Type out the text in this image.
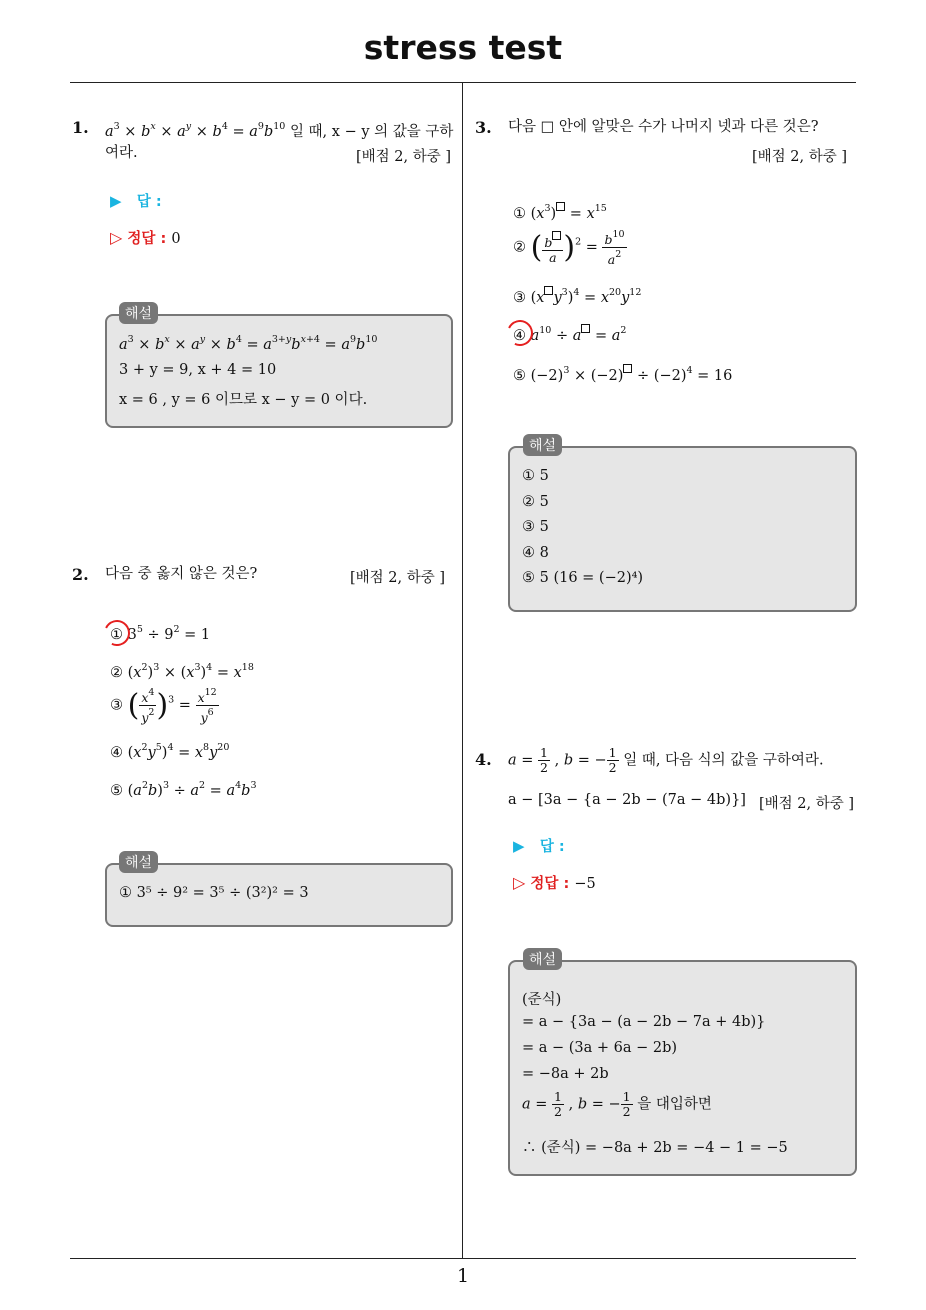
stress test
1
1. $a^3 \times b^x \times a^y \times b^4 = a^9b^{10}$ 일 때, x − y 의 값을 구하
여라.	[배점 2, 하중 ]
▶ 답 :
▷ 정답 : 0
$a^3 \times b^x \times a^y \times b^4 = a^{3+y}b^{x+4} = a^9b^{10}$
3 + y = 9, x + 4 = 10
x = 6 , y = 6 이므로 x − y = 0 이다.
해설
2. 다음 중 옳지 않은 것은?	[배점 2, 하중 ]
① $3^5 \div 9^2 = 1$
② $(x^2)^3 \times (x^3)^4 = x^{18}$
③ ( $\frac{x^4}{y^2} )^3 = \frac{x^{12}}{y^6}$
④ $(x^2y^5)^4 = x^8y^{20}$
⑤ $(a^2b)^3 \div a^2 = a^4b^3$
① 3⁵ ÷ 9² = 3⁵ ÷ (3²)² = 3
해설
3. 다음 □ 안에 알맞은 수가 나머지 넷과 다른 것은?
[배점 2, 하중 ]
① $(x^3) = x^{15}$
② ( $\frac{b}{a} )^2 = \frac{b^{10}}{a^2}$
③ (x $y^3)^4 = x^{20}y^{12}$
④ $a^{10} \div a = a^2$
⑤ $(-2)^3 \times (-2) \div (-2)^4 = 16$
① 5
② 5
③ 5
④ 8
⑤ 5 (16 = (−2)⁴)
해설
4. $a = \frac{1}{2}$ , b = − $\frac{1}{2}$ 일 때, 다음 식의 값을 구하여라.
a − [3a − {a − 2b − (7a − 4b)}] [배점 2, 하중 ]
▶ 답 :
▷ 정답 : −5
(준식)
= a − {3a − (a − 2b − 7a + 4b)}
= a − (3a + 6a − 2b)
= −8a + 2b
$a = \frac{1}{2}$ , b = − $\frac{1}{2}$ 을 대입하면
∴ (준식) = −8a + 2b = −4 − 1 = −5
해설
